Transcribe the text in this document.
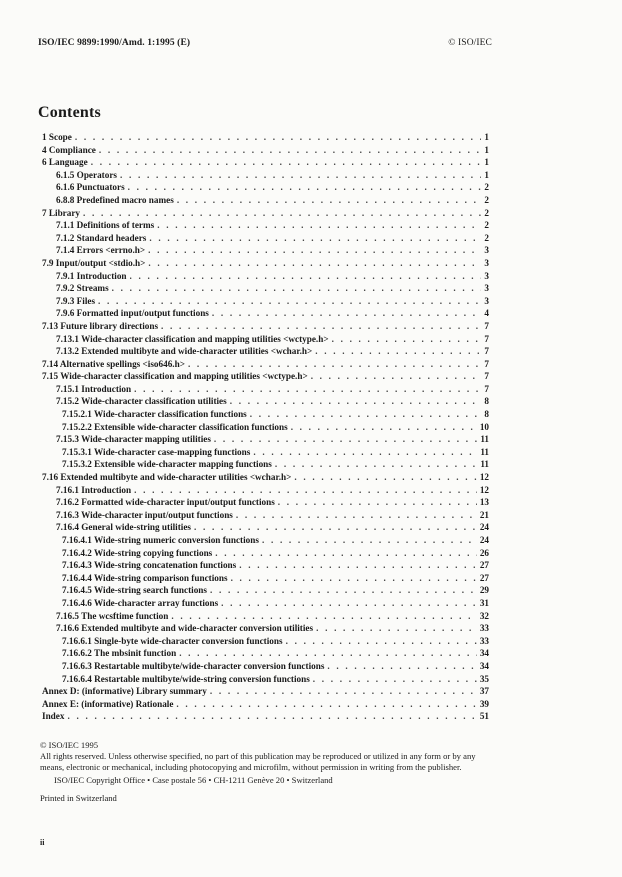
ISO/IEC 9899:1990/Amd. 1:1995 (E)	© ISO/IEC
Contents
1 Scope . . .	1
4 Compliance . . .	1
6 Language . . .	1
6.1.5 Operators . . .	1
6.1.6 Punctuators . . .	2
6.8.8 Predefined macro names . . .	2
7 Library . . .	2
7.1.1 Definitions of terms . . .	2
7.1.2 Standard headers . . .	2
7.1.4 Errors <errno.h> . . .	3
7.9 Input/output <stdio.h> . . .	3
7.9.1 Introduction . . .	3
7.9.2 Streams . . .	3
7.9.3 Files . . .	3
7.9.6 Formatted input/output functions . . .	4
7.13 Future library directions . . .	7
7.13.1 Wide-character classification and mapping utilities <wctype.h> . . .	7
7.13.2 Extended multibyte and wide-character utilities <wchar.h> . . .	7
7.14 Alternative spellings <iso646.h> . . .	7
7.15 Wide-character classification and mapping utilities <wctype.h> . . .	7
7.15.1 Introduction . . .	7
7.15.2 Wide-character classification utilities . . .	8
7.15.2.1 Wide-character classification functions . . .	8
7.15.2.2 Extensible wide-character classification functions . . .	10
7.15.3 Wide-character mapping utilities . . .	11
7.15.3.1 Wide-character case-mapping functions . . .	11
7.15.3.2 Extensible wide-character mapping functions . . .	11
7.16 Extended multibyte and wide-character utilities <wchar.h> . . .	12
7.16.1 Introduction . . .	12
7.16.2 Formatted wide-character input/output functions . . .	13
7.16.3 Wide-character input/output functions . . .	21
7.16.4 General wide-string utilities . . .	24
7.16.4.1 Wide-string numeric conversion functions . . .	24
7.16.4.2 Wide-string copying functions . . .	26
7.16.4.3 Wide-string concatenation functions . . .	27
7.16.4.4 Wide-string comparison functions . . .	27
7.16.4.5 Wide-string search functions . . .	29
7.16.4.6 Wide-character array functions . . .	31
7.16.5 The wcsftime function . . .	32
7.16.6 Extended multibyte and wide-character conversion utilities . . .	33
7.16.6.1 Single-byte wide-character conversion functions . . .	33
7.16.6.2 The mbsinit function . . .	34
7.16.6.3 Restartable multibyte/wide-character conversion functions . . .	34
7.16.6.4 Restartable multibyte/wide-string conversion functions . . .	35
Annex D: (informative) Library summary . . .	37
Annex E: (informative) Rationale . . .	39
Index . . .	51

© ISO/IEC 1995

All rights reserved. Unless otherwise specified, no part of this publication may be reproduced or utilized in any form or by any means, electronic or mechanical, including photocopying and microfilm, without permission in writing from the publisher.

ISO/IEC Copyright Office • Case postale 56 • CH-1211 Genève 20 • Switzerland

Printed in Switzerland

ii
